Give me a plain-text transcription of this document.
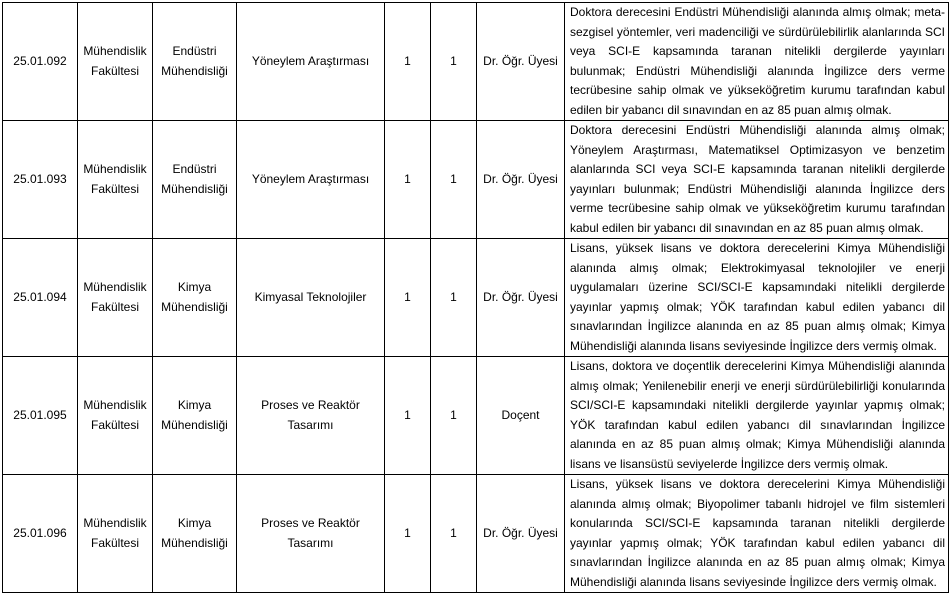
25.01.092	Mühendislik Fakültesi	Endüstri Mühendisliği	Yöneylem Araştırması	1	1	Dr. Öğr. Üyesi	Doktora derecesini Endüstri Mühendisliği alanında almış olmak; meta-sezgisel yöntemler, veri madenciliği ve sürdürülebilirlik alanlarında SCI veya SCI-E kapsamında taranan nitelikli dergilerde yayınları bulunmak; Endüstri Mühendisliği alanında İngilizce ders verme tecrübesine sahip olmak ve yükseköğretim kurumu tarafından kabul edilen bir yabancı dil sınavından en az 85 puan almış olmak.
25.01.093	Mühendislik Fakültesi	Endüstri Mühendisliği	Yöneylem Araştırması	1	1	Dr. Öğr. Üyesi	Doktora derecesini Endüstri Mühendisliği alanında almış olmak; Yöneylem Araştırması, Matematiksel Optimizasyon ve benzetim alanlarında SCI veya SCI-E kapsamında taranan nitelikli dergilerde yayınları bulunmak; Endüstri Mühendisliği alanında İngilizce ders verme tecrübesine sahip olmak ve yükseköğretim kurumu tarafından kabul edilen bir yabancı dil sınavından en az 85 puan almış olmak.
25.01.094	Mühendislik Fakültesi	Kimya Mühendisliği	Kimyasal Teknolojiler	1	1	Dr. Öğr. Üyesi	Lisans, yüksek lisans ve doktora derecelerini Kimya Mühendisliği alanında almış olmak; Elektrokimyasal teknolojiler ve enerji uygulamaları üzerine SCI/SCI-E kapsamındaki nitelikli dergilerde yayınlar yapmış olmak; YÖK tarafından kabul edilen yabancı dil sınavlarından İngilizce alanında en az 85 puan almış olmak; Kimya Mühendisliği alanında lisans seviyesinde İngilizce ders vermiş olmak.
25.01.095	Mühendislik Fakültesi	Kimya Mühendisliği	Proses ve Reaktör Tasarımı	1	1	Doçent	Lisans, doktora ve doçentlik derecelerini Kimya Mühendisliği alanında almış olmak; Yenilenebilir enerji ve enerji sürdürülebilirliği konularında SCI/SCI-E kapsamındaki nitelikli dergilerde yayınlar yapmış olmak; YÖK tarafından kabul edilen yabancı dil sınavlarından İngilizce alanında en az 85 puan almış olmak; Kimya Mühendisliği alanında lisans ve lisansüstü seviyelerde İngilizce ders vermiş olmak.
25.01.096	Mühendislik Fakültesi	Kimya Mühendisliği	Proses ve Reaktör Tasarımı	1	1	Dr. Öğr. Üyesi	Lisans, yüksek lisans ve doktora derecelerini Kimya Mühendisliği alanında almış olmak; Biyopolimer tabanlı hidrojel ve film sistemleri konularında SCI/SCI-E kapsamında taranan nitelikli dergilerde yayınlar yapmış olmak; YÖK tarafından kabul edilen yabancı dil sınavlarından İngilizce alanında en az 85 puan almış olmak; Kimya Mühendisliği alanında lisans seviyesinde İngilizce ders vermiş olmak.
